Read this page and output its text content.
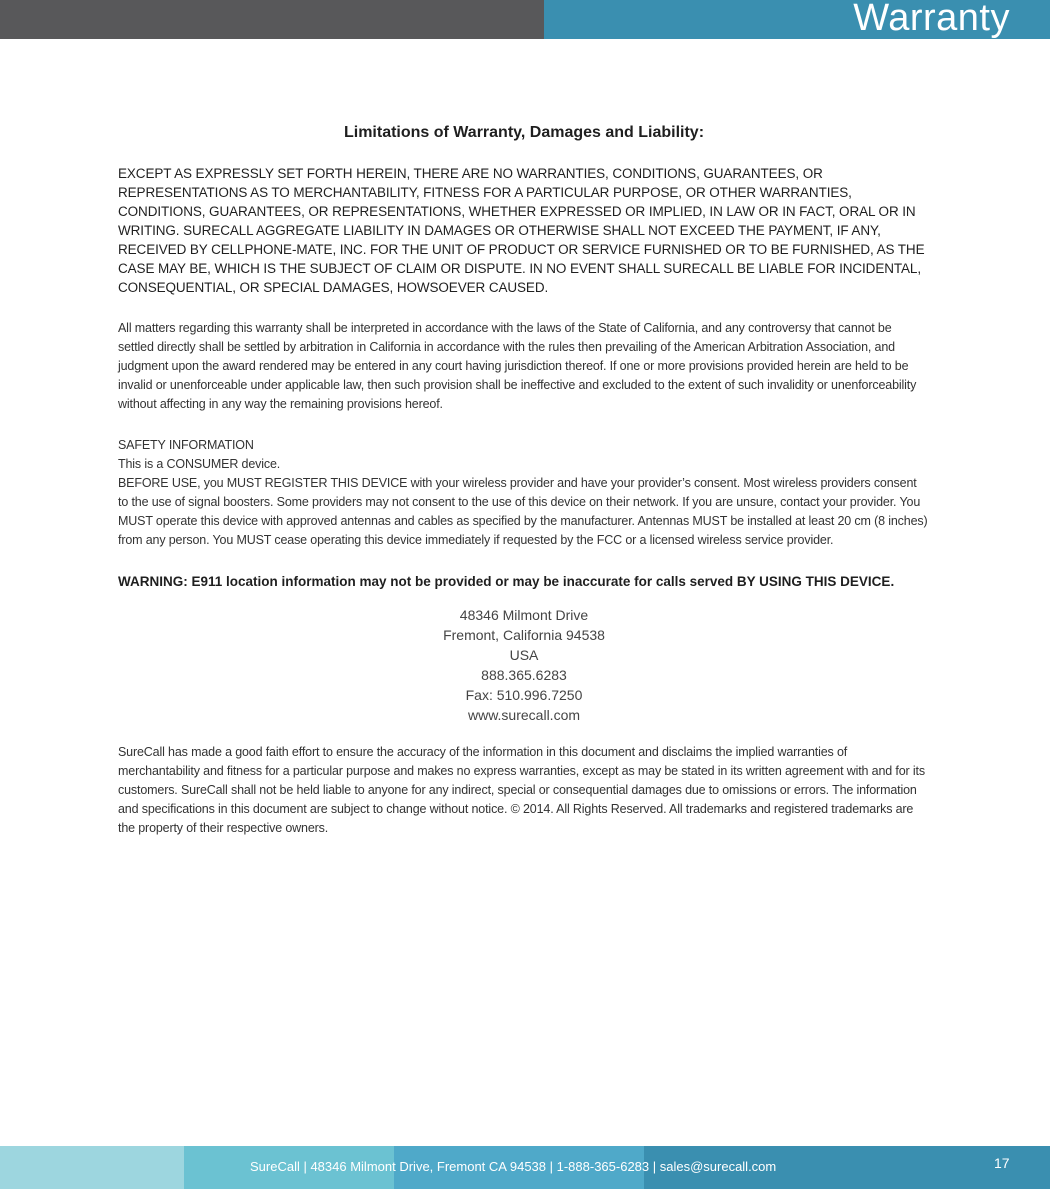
Warranty
Limitations of Warranty, Damages and Liability:

EXCEPT AS EXPRESSLY SET FORTH HEREIN, THERE ARE NO WARRANTIES, CONDITIONS, GUARANTEES, OR REPRESENTATIONS AS TO MERCHANTABILITY, FITNESS FOR A PARTICULAR PURPOSE, OR OTHER WARRANTIES, CONDITIONS, GUARANTEES, OR REPRESENTATIONS, WHETHER EXPRESSED OR IMPLIED, IN LAW OR IN FACT, ORAL OR IN WRITING. SURECALL AGGREGATE LIABILITY IN DAMAGES OR OTHERWISE SHALL NOT EXCEED THE PAYMENT, IF ANY, RECEIVED BY CELLPHONE-MATE, INC. FOR THE UNIT OF PRODUCT OR SERVICE FURNISHED OR TO BE FURNISHED, AS THE CASE MAY BE, WHICH IS THE SUBJECT OF CLAIM OR DISPUTE. IN NO EVENT SHALL SURECALL BE LIABLE FOR INCIDENTAL, CONSEQUENTIAL, OR SPECIAL DAMAGES, HOWSOEVER CAUSED.

All matters regarding this warranty shall be interpreted in accordance with the laws of the State of California, and any controversy that cannot be settled directly shall be settled by arbitration in California in accordance with the rules then prevailing of the American Arbitration Association, and judgment upon the award rendered may be entered in any court having jurisdiction thereof. If one or more provisions provided herein are held to be invalid or unenforceable under applicable law, then such provision shall be ineffective and excluded to the extent of such invalidity or unenforceability without affecting in any way the remaining provisions hereof.

SAFETY INFORMATION

This is a CONSUMER device.

BEFORE USE, you MUST REGISTER THIS DEVICE with your wireless provider and have your provider’s consent. Most wireless providers consent to the use of signal boosters. Some providers may not consent to the use of this device on their network. If you are unsure, contact your provider. You MUST operate this device with approved antennas and cables as specified by the manufacturer. Antennas MUST be installed at least 20 cm (8 inches) from any person. You MUST cease operating this device immediately if requested by the FCC or a licensed wireless service provider.

WARNING: E911 location information may not be provided or may be inaccurate for calls served BY USING THIS DEVICE.

48346 Milmont Drive
Fremont, California 94538
USA
888.365.6283
Fax: 510.996.7250
www.surecall.com

SureCall has made a good faith effort to ensure the accuracy of the information in this document and disclaims the implied warranties of merchantability and fitness for a particular purpose and makes no express warranties, except as may be stated in its written agreement with and for its customers. SureCall shall not be held liable to anyone for any indirect, special or consequential damages due to omissions or errors. The information and specifications in this document are subject to change without notice. © 2014. All Rights Reserved. All trademarks and registered trademarks are the property of their respective owners.

SureCall | 48346 Milmont Drive, Fremont CA 94538 | 1-888-365-6283 | sales@surecall.com	17
